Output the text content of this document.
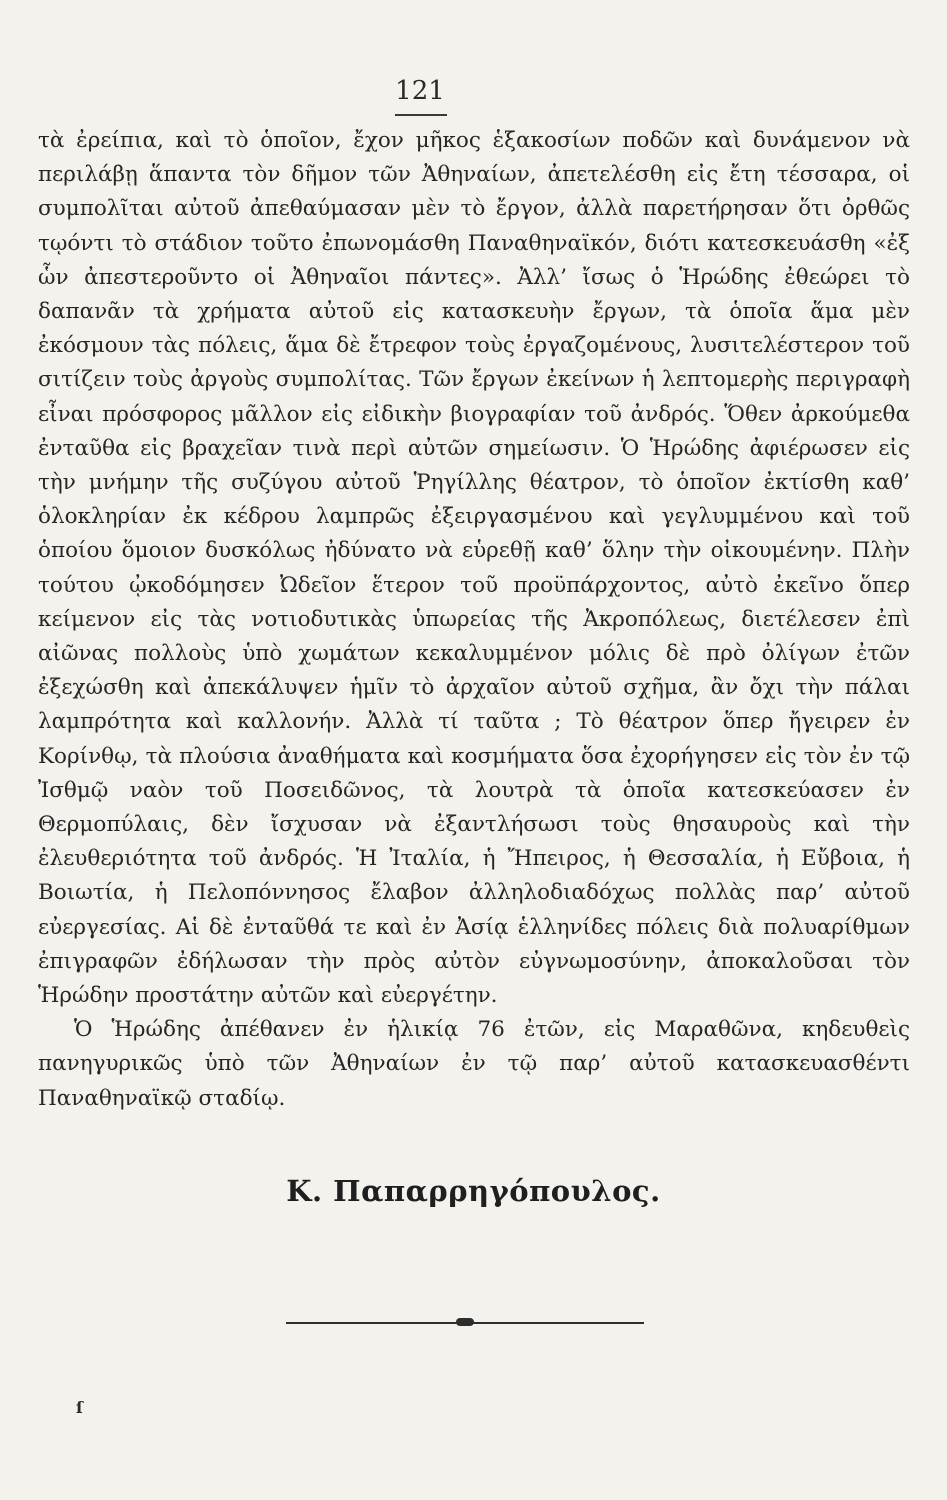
121

τὰ ἐρείπια, καὶ τὸ ὁποῖον, ἔχον μῆκος ἑξακοσίων ποδῶν καὶ δυνάμενον νὰ περιλάβῃ ἅπαντα τὸν δῆμον τῶν Ἀθηναίων, ἀπετελέσθη εἰς ἔτη τέσσαρα, οἱ συμπολῖται αὐτοῦ ἀπεθαύμασαν μὲν τὸ ἔργον, ἀλλὰ παρετήρησαν ὅτι ὀρθῶς τῳόντι τὸ στάδιον τοῦτο ἐπωνομάσθη Παναθηναϊκόν, διότι κατεσκευάσθη «ἐξ ὧν ἀπεστεροῦντο οἱ Ἀθηναῖοι πάντες». Ἀλλ’ ἴσως ὁ Ἡρώδης ἐθεώρει τὸ δαπανᾶν τὰ χρήματα αὐτοῦ εἰς κατασκευὴν ἔργων, τὰ ὁποῖα ἅμα μὲν ἐκόσμουν τὰς πόλεις, ἅμα δὲ ἔτρεφον τοὺς ἐργαζομένους, λυσιτελέστερον τοῦ σιτίζειν τοὺς ἀργοὺς συμπολίτας. Τῶν ἔργων ἐκείνων ἡ λεπτομερὴς περιγραφὴ εἶναι πρόσφορος μᾶλλον εἰς εἰδικὴν βιογραφίαν τοῦ ἀνδρός. Ὅθεν ἀρκούμεθα ἐνταῦθα εἰς βραχεῖαν τινὰ περὶ αὐτῶν σημείωσιν. Ὁ Ἡρώδης ἀφιέρωσεν εἰς τὴν μνήμην τῆς συζύγου αὐτοῦ Ῥηγίλλης θέατρον, τὸ ὁποῖον ἐκτίσθη καθ’ ὁλοκληρίαν ἐκ κέδρου λαμπρῶς ἐξειργασμένου καὶ γεγλυμμένου καὶ τοῦ ὁποίου ὅμοιον δυσκόλως ἠδύνατο νὰ εὑρεθῇ καθ’ ὅλην τὴν οἰκουμένην. Πλὴν τούτου ᾠκοδόμησεν Ὠδεῖον ἕτερον τοῦ προϋπάρχοντος, αὐτὸ ἐκεῖνο ὅπερ κείμενον εἰς τὰς νοτιοδυτικὰς ὑπωρείας τῆς Ἀκροπόλεως, διετέλεσεν ἐπὶ αἰῶνας πολλοὺς ὑπὸ χωμάτων κεκαλυμμένον μόλις δὲ πρὸ ὀλίγων ἐτῶν ἐξεχώσθη καὶ ἀπεκάλυψεν ἡμῖν τὸ ἀρχαῖον αὐτοῦ σχῆμα, ἂν ὄχι τὴν πάλαι λαμπρότητα καὶ καλλονήν. Ἀλλὰ τί ταῦτα ; Τὸ θέατρον ὅπερ ἤγειρεν ἐν Κορίνθῳ, τὰ πλούσια ἀναθήματα καὶ κοσμήματα ὅσα ἐχορήγησεν εἰς τὸν ἐν τῷ Ἰσθμῷ ναὸν τοῦ Ποσειδῶνος, τὰ λουτρὰ τὰ ὁποῖα κατεσκεύασεν ἐν Θερμοπύλαις, δὲν ἴσχυσαν νὰ ἐξαντλήσωσι τοὺς θησαυροὺς καὶ τὴν ἐλευθεριότητα τοῦ ἀνδρός. Ἡ Ἰταλία, ἡ Ἤπειρος, ἡ Θεσσαλία, ἡ Εὔβοια, ἡ Βοιωτία, ἡ Πελοπόννησος ἔλαβον ἀλληλοδιαδόχως πολλὰς παρ’ αὐτοῦ εὐεργεσίας. Αἱ δὲ ἐνταῦθά τε καὶ ἐν Ἀσίᾳ ἑλληνίδες πόλεις διὰ πολυαρίθμων ἐπιγραφῶν ἐδήλωσαν τὴν πρὸς αὐτὸν εὐγνωμοσύνην, ἀποκαλοῦσαι τὸν Ἡρώδην προστάτην αὐτῶν καὶ εὐεργέτην.

Ὁ Ἡρώδης ἀπέθανεν ἐν ἡλικίᾳ 76 ἐτῶν, εἰς Μαραθῶνα, κηδευθεὶς πανηγυρικῶς ὑπὸ τῶν Ἀθηναίων ἐν τῷ παρ’ αὐτοῦ κατασκευασθέντι Παναθηναϊκῷ σταδίῳ.

Κ. Παπαρρηγόπουλος.
ſ
